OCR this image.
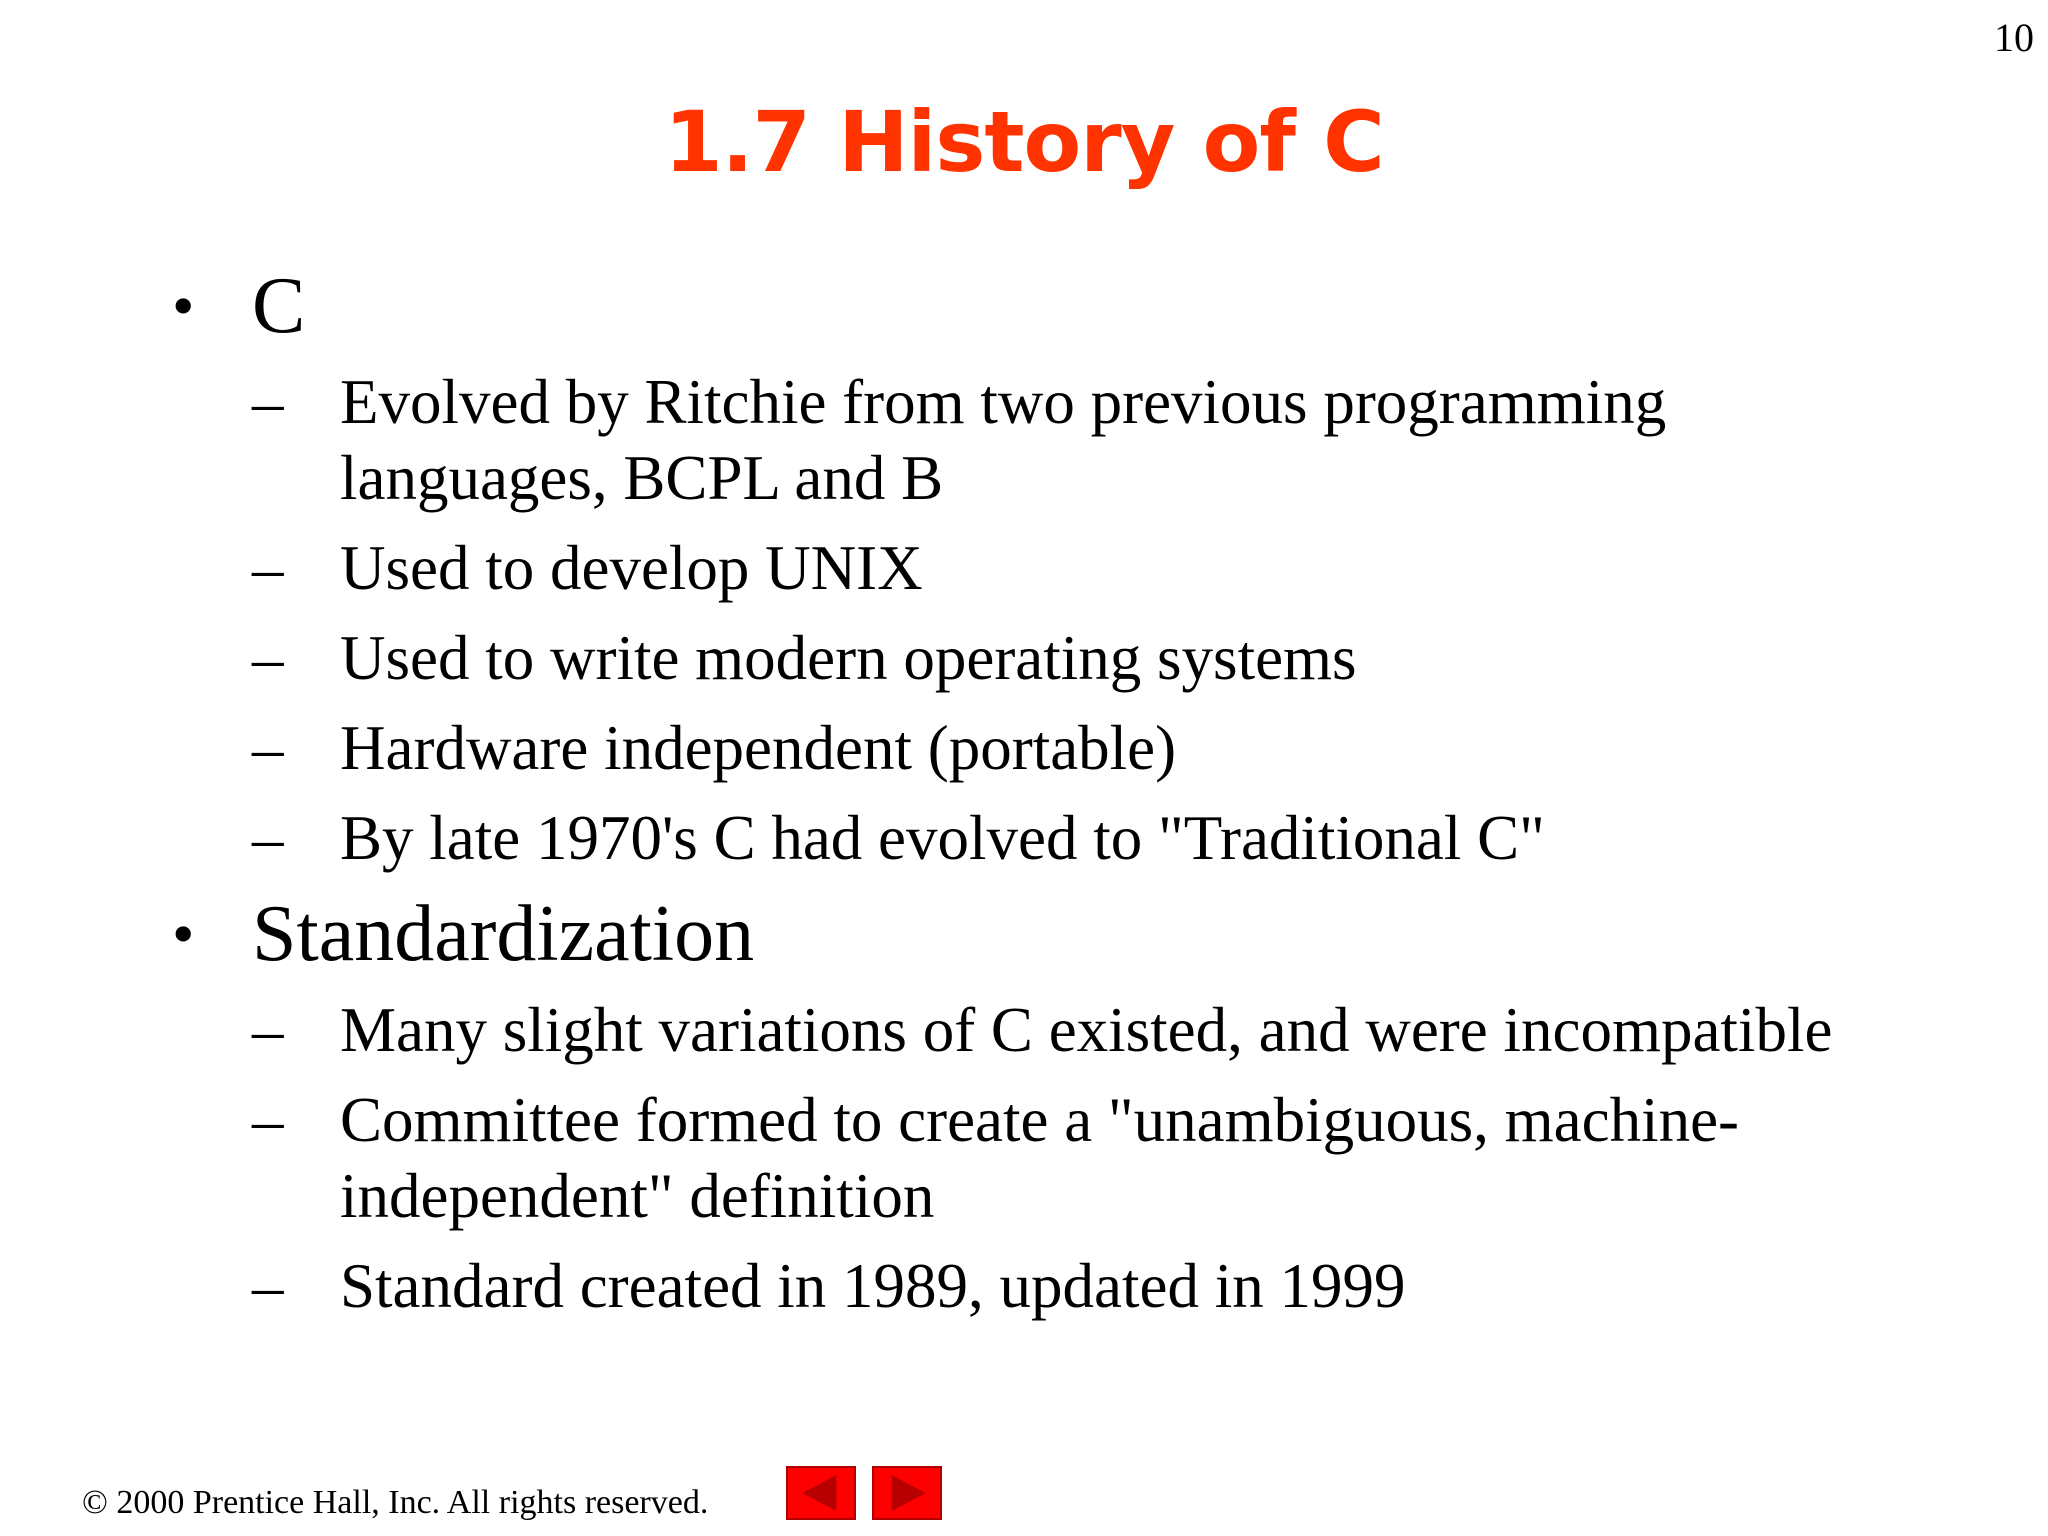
10
1.7 History of C
• C
– Evolved by Ritchie from two previous programming languages, BCPL and B
– Used to develop UNIX
– Used to write modern operating systems
– Hardware independent (portable)
– By late 1970's C had evolved to "Traditional C"
• Standardization
– Many slight variations of C existed, and were incompatible
– Committee formed to create a "unambiguous, machine-independent" definition
– Standard created in 1989, updated in 1999
© 2000 Prentice Hall, Inc. All rights reserved.
